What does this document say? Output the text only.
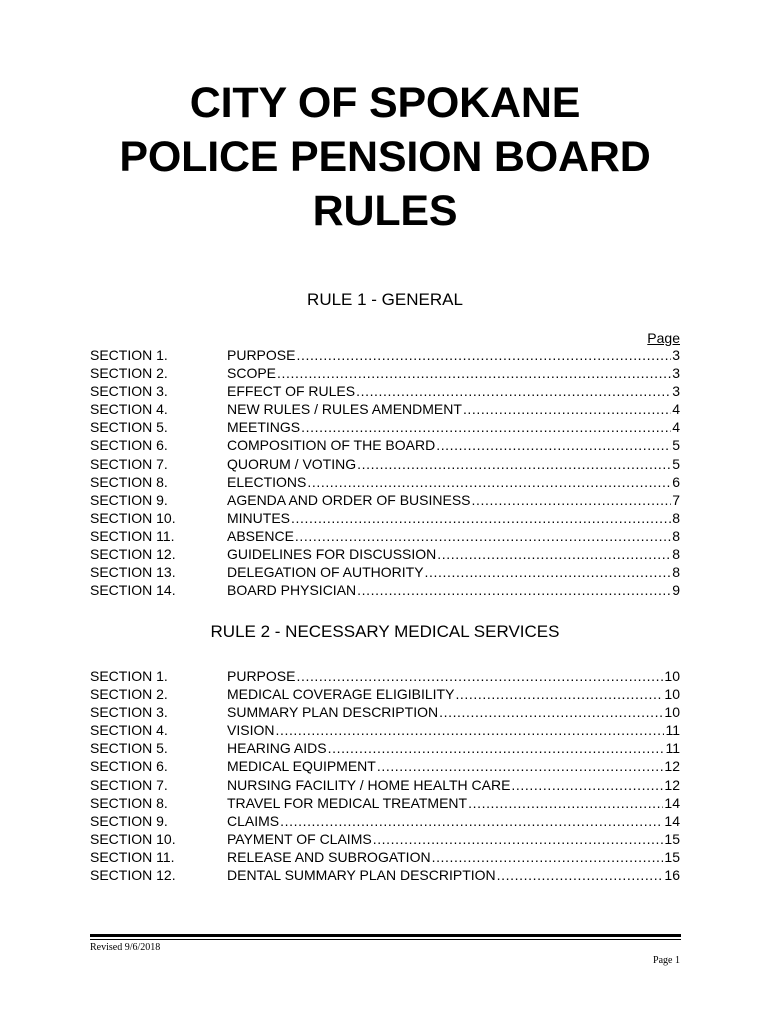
CITY OF SPOKANE
POLICE PENSION BOARD
RULES
RULE 1 - GENERAL
Page
SECTION 1.	PURPOSE .....	3
SECTION 2.	SCOPE .....	3
SECTION 3.	EFFECT OF RULES .....	3
SECTION 4.	NEW RULES / RULES AMENDMENT .....	4
SECTION 5.	MEETINGS .....	4
SECTION 6.	COMPOSITION OF THE BOARD .....	5
SECTION 7.	QUORUM / VOTING .....	5
SECTION 8.	ELECTIONS .....	6
SECTION 9.	AGENDA AND ORDER OF BUSINESS .....	7
SECTION 10.	MINUTES .....	8
SECTION 11.	ABSENCE .....	8
SECTION 12.	GUIDELINES FOR DISCUSSION .....	8
SECTION 13.	DELEGATION OF AUTHORITY .....	8
SECTION 14.	BOARD PHYSICIAN .....	9
RULE 2 - NECESSARY MEDICAL SERVICES
SECTION 1.	PURPOSE .....	10
SECTION 2.	MEDICAL COVERAGE ELIGIBILITY .....	10
SECTION 3.	SUMMARY PLAN DESCRIPTION .....	10
SECTION 4.	VISION .....	11
SECTION 5.	HEARING AIDS .....	11
SECTION 6.	MEDICAL EQUIPMENT .....	12
SECTION 7.	NURSING FACILITY / HOME HEALTH CARE .....	12
SECTION 8.	TRAVEL FOR MEDICAL TREATMENT .....	14
SECTION 9.	CLAIMS .....	14
SECTION 10.	PAYMENT OF CLAIMS .....	15
SECTION 11.	RELEASE AND SUBROGATION .....	15
SECTION 12.	DENTAL SUMMARY PLAN DESCRIPTION .....	16
Revised 9/6/2018
Page 1
